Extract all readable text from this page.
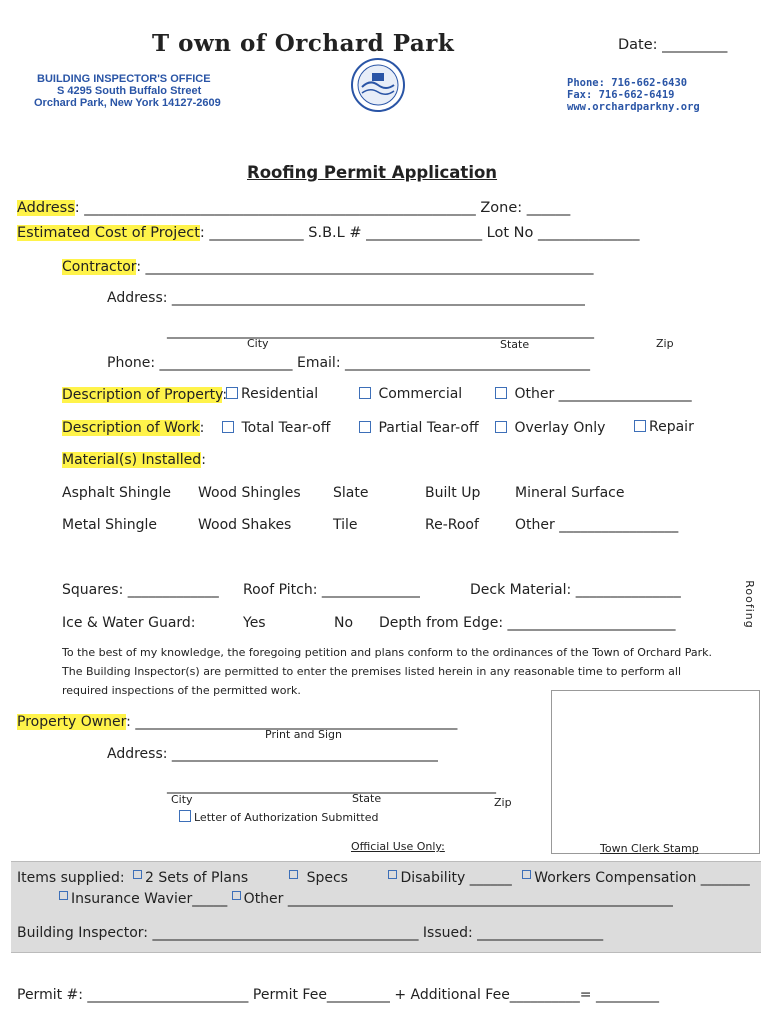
T own of Orchard Park	Date: _________
BUILDING INSPECTOR'S OFFICE
S 4295 South Buffalo Street
Orchard Park, New York 14127-2609
Phone: 716-662-6430
Fax: 716-662-6419
www.orchardparkny.org
Roofing Permit Application
Address: ______________________________________________________ Zone: ______
Estimated Cost of Project: _____________ S.B.L # ________________ Lot No ______________
Contractor: ________________________________________________________________
Address: ___________________________________________________________
_____________________________________________________________
City	State	Zip
Phone: ___________________ Email: ___________________________________
Description of Property: Residential	Commercial	Other ___________________
Description of Work:	Total Tear-off	Partial Tear-off	Overlay Only	Repair
Material(s) Installed:
Asphalt Shingle Wood Shingles Slate	Built Up Mineral Surface
Metal Shingle	Wood Shakes	Tile	Re-Roof	Other _________________
Squares: _____________ Roof Pitch: ______________	Deck Material: _______________
Ice & Water Guard:	Yes	No Depth from Edge: ________________________	Roofing
To the best of my knowledge, the foregoing petition and plans conform to the ordinances of the Town of Orchard Park.
The Building Inspector(s) are permitted to enter the premises listed herein in any reasonable time to perform all
required inspections of the permitted work.
Property Owner: ______________________________________________
Print and Sign
Address: ______________________________________
_______________________________________________
City	State	Zip
Letter of Authorization Submitted
Official Use Only:	Town Clerk Stamp
Items supplied: 2 Sets of Plans	Specs	Disability ______ Workers Compensation _______
Insurance Wavier_____ Other _______________________________________________________
Building Inspector: ______________________________________ Issued: __________________
Permit #: _______________________ Permit Fee_________ + Additional Fee__________= _________
